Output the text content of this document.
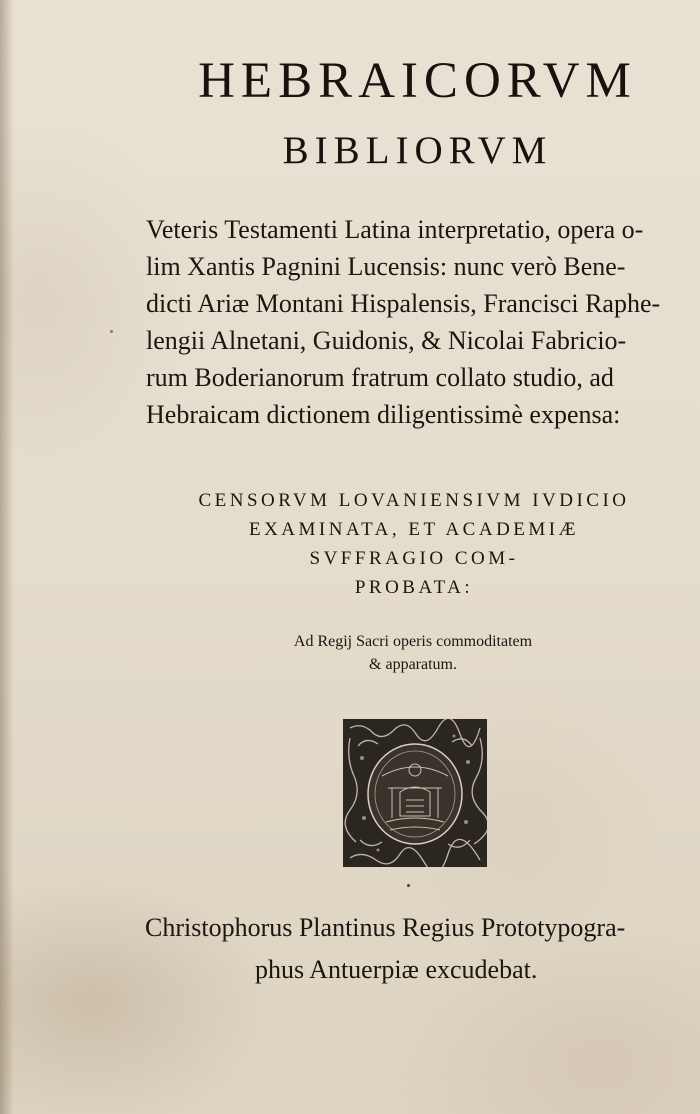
HEBRAICORVM
BIBLIORVM
Veteris Testamenti Latina interpretatio, opera o-
lim Xantis Pagnini Lucensis: nunc verò Bene-
dicti Ariæ Montani Hispalensis, Francisci Raphe-
lengii Alnetani, Guidonis, & Nicolai Fabricio-
rum Boderianorum fratrum collato studio, ad
Hebraicam dictionem diligentissimè expensa:
CENSORVM LOVANIENSIVM IVDICIO
EXAMINATA, ET ACADEMIÆ
SVFFRAGIO COM-
PROBATA:
Ad Regij Sacri operis commoditatem
& apparatum.
Christophorus Plantinus Regius Prototypogra-
phus Antuerpiæ excudebat.
